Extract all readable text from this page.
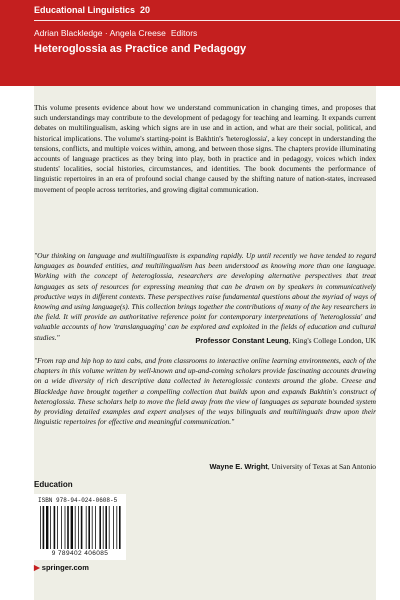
Educational Linguistics 20
Adrian Blackledge · Angela Creese Editors
Heteroglossia as Practice and Pedagogy

This volume presents evidence about how we understand communication in changing times, and proposes that such understandings may contribute to the development of pedagogy for teaching and learning. It expands current debates on multilingualism, asking which signs are in use and in action, and what are their social, political, and historical implications. The volume's starting-point is Bakhtin's 'heteroglossia', a key concept in understanding the tensions, conflicts, and multiple voices within, among, and between those signs. The chapters provide illuminating accounts of language practices as they bring into play, both in practice and in pedagogy, voices which index students' localities, social histories, circumstances, and identities. The book documents the performance of linguistic repertoires in an era of profound social change caused by the shifting nature of nation-states, increased movement of people across territories, and growing digital communication.

"Our thinking on language and multilingualism is expanding rapidly. Up until recently we have tended to regard languages as bounded entities, and multilingualism has been understood as knowing more than one language. Working with the concept of heteroglossia, researchers are developing alternative perspectives that treat languages as sets of resources for expressing meaning that can be drawn on by speakers in communicatively productive ways in different contexts. These perspectives raise fundamental questions about the myriad of ways of knowing and using language(s). This collection brings together the contributions of many of the key researchers in the field. It will provide an authoritative reference point for contemporary interpretations of 'heteroglossia' and valuable accounts of how 'translanguaging' can be explored and exploited in the fields of education and cultural studies."	Professor Constant Leung, King's College London, UK

"From rap and hip hop to taxi cabs, and from classrooms to interactive online learning environments, each of the chapters in this volume written by well-known and up-and-coming scholars provide fascinating accounts drawing on a wide diversity of rich descriptive data collected in heteroglossic contexts around the globe. Creese and Blackledge have brought together a compelling collection that builds upon and expands Bakhtin's construct of heteroglossia. These scholars help to move the field away from the view of languages as separate bounded system by providing detailed examples and expert analyses of the ways bilinguals and multilinguals draw upon their linguistic repertoires for effective and meaningful communication."

Wayne E. Wright, University of Texas at San Antonio
Education
ISBN 978-94-024-0608-5
9 789402 406085
▶ springer.com
